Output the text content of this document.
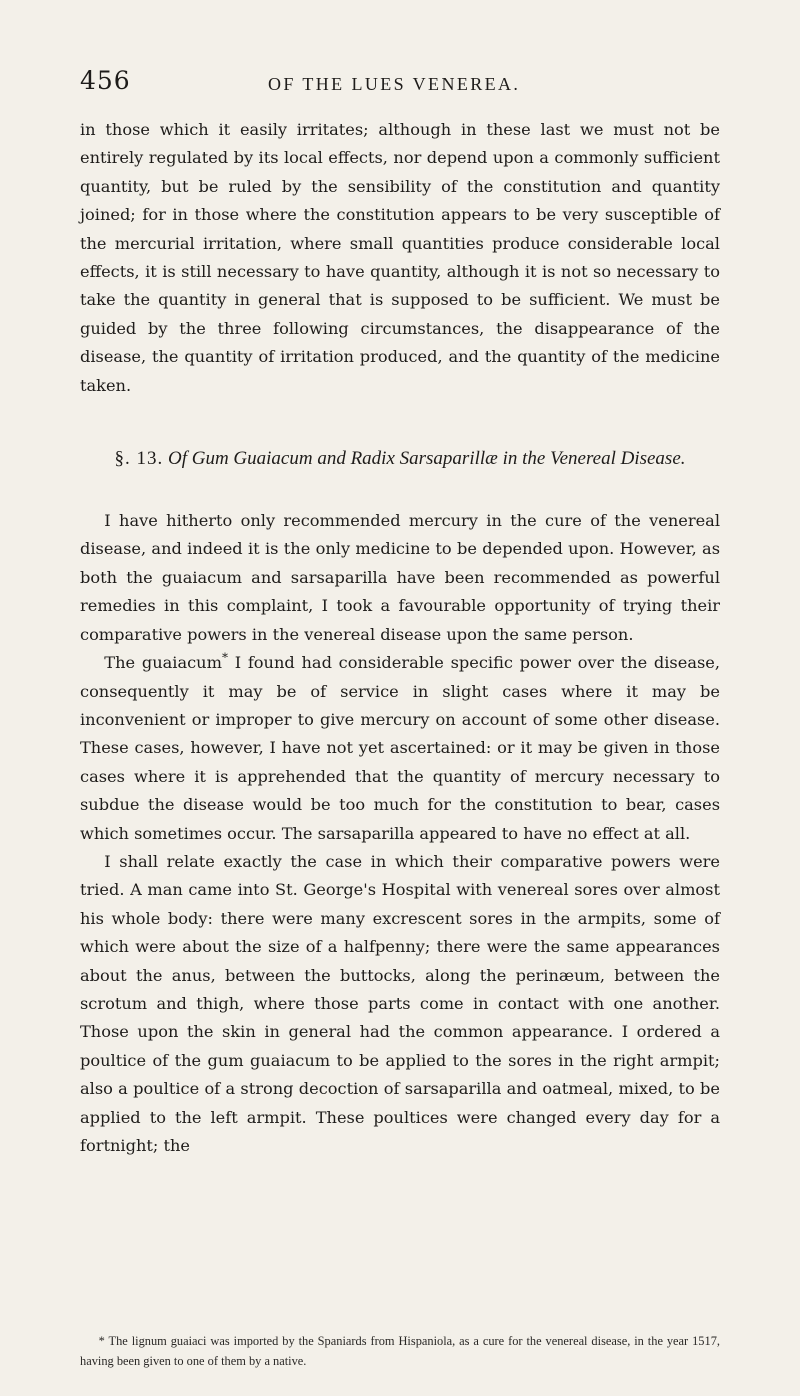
456	OF THE LUES VENEREA.

in those which it easily irritates; although in these last we must not be entirely regulated by its local effects, nor depend upon a commonly sufficient quantity, but be ruled by the sensibility of the constitution and quantity joined; for in those where the constitution appears to be very susceptible of the mercurial irritation, where small quantities produce considerable local effects, it is still necessary to have quantity, although it is not so necessary to take the quantity in general that is supposed to be sufficient. We must be guided by the three following circumstances, the disappearance of the disease, the quantity of irritation produced, and the quantity of the medicine taken.

§. 13. Of Gum Guaiacum and Radix Sarsaparillæ in the Venereal Disease.

I have hitherto only recommended mercury in the cure of the venereal disease, and indeed it is the only medicine to be depended upon. However, as both the guaiacum and sarsaparilla have been recommended as powerful remedies in this complaint, I took a favourable opportunity of trying their comparative powers in the venereal disease upon the same person.

The guaiacum* I found had considerable specific power over the disease, consequently it may be of service in slight cases where it may be inconvenient or improper to give mercury on account of some other disease. These cases, however, I have not yet ascertained: or it may be given in those cases where it is apprehended that the quantity of mercury necessary to subdue the disease would be too much for the constitution to bear, cases which sometimes occur. The sarsaparilla appeared to have no effect at all.

I shall relate exactly the case in which their comparative powers were tried. A man came into St. George's Hospital with venereal sores over almost his whole body: there were many excrescent sores in the armpits, some of which were about the size of a halfpenny; there were the same appearances about the anus, between the buttocks, along the perinæum, between the scrotum and thigh, where those parts come in contact with one another. Those upon the skin in general had the common appearance. I ordered a poultice of the gum guaiacum to be applied to the sores in the right armpit; also a poultice of a strong decoction of sarsaparilla and oatmeal, mixed, to be applied to the left armpit. These poultices were changed every day for a fortnight; the

* The lignum guaiaci was imported by the Spaniards from Hispaniola, as a cure for the venereal disease, in the year 1517, having been given to one of them by a native.
